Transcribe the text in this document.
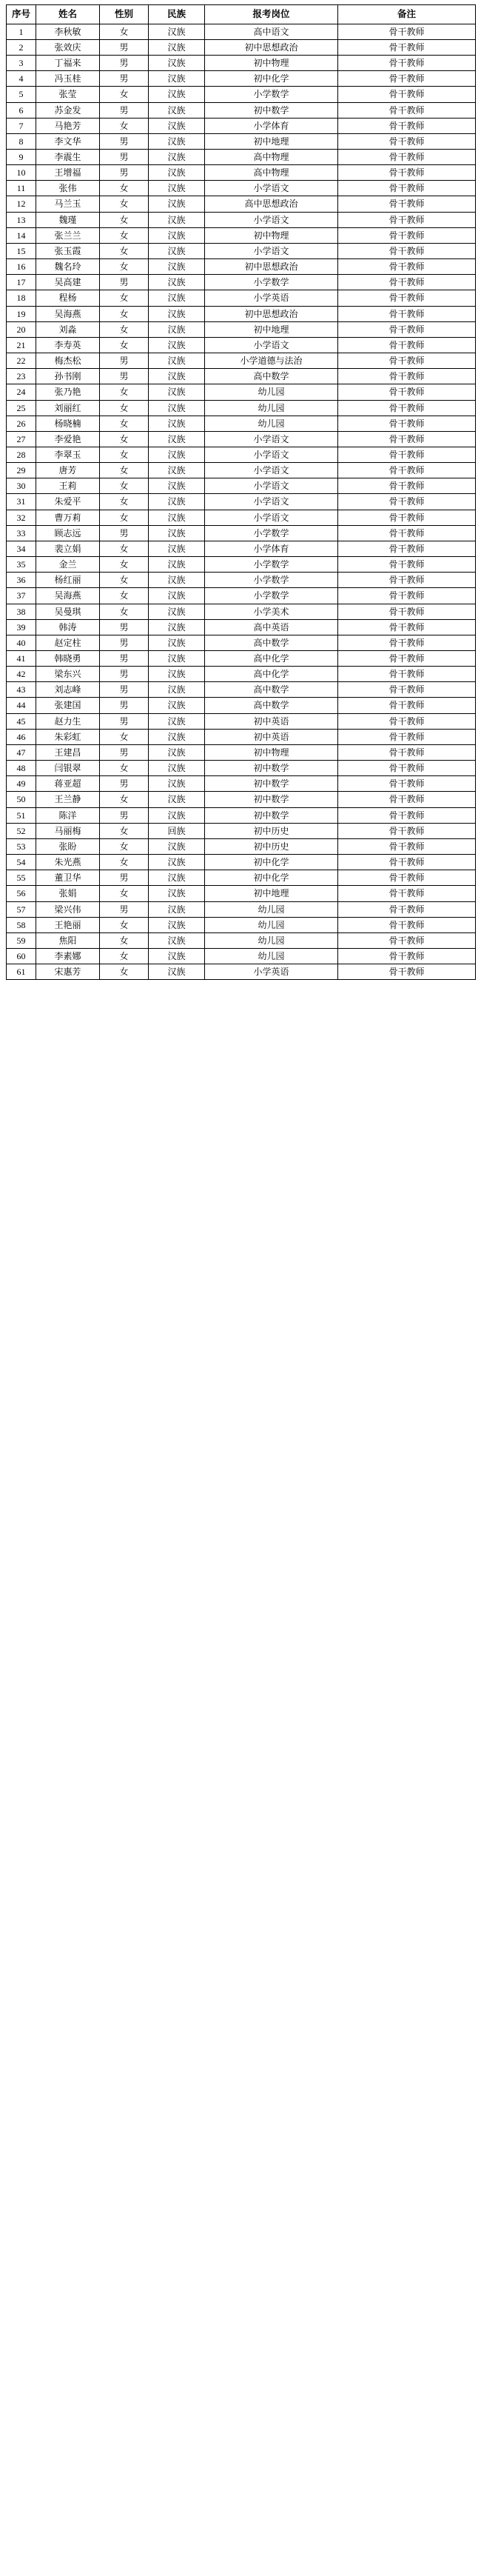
序号	姓名	性别	民族	报考岗位	备注
1	李秋敏	女	汉族	高中语文	骨干教师
2	张效庆	男	汉族	初中思想政治	骨干教师
3	丁福来	男	汉族	初中物理	骨干教师
4	冯玉桂	男	汉族	初中化学	骨干教师
5	张莹	女	汉族	小学数学	骨干教师
6	苏金发	男	汉族	初中数学	骨干教师
7	马艳芳	女	汉族	小学体育	骨干教师
8	李文华	男	汉族	初中地理	骨干教师
9	李震生	男	汉族	高中物理	骨干教师
10	王增福	男	汉族	高中物理	骨干教师
11	张伟	女	汉族	小学语文	骨干教师
12	马兰玉	女	汉族	高中思想政治	骨干教师
13	魏瑾	女	汉族	小学语文	骨干教师
14	张兰兰	女	汉族	初中物理	骨干教师
15	张玉霞	女	汉族	小学语文	骨干教师
16	魏名玲	女	汉族	初中思想政治	骨干教师
17	吴高建	男	汉族	小学数学	骨干教师
18	程杨	女	汉族	小学英语	骨干教师
19	吴海燕	女	汉族	初中思想政治	骨干教师
20	刘淼	女	汉族	初中地理	骨干教师
21	李寿英	女	汉族	小学语文	骨干教师
22	梅杰松	男	汉族	小学道德与法治	骨干教师
23	孙书刚	男	汉族	高中数学	骨干教师
24	张乃艳	女	汉族	幼儿园	骨干教师
25	刘丽红	女	汉族	幼儿园	骨干教师
26	杨晓楠	女	汉族	幼儿园	骨干教师
27	李爱艳	女	汉族	小学语文	骨干教师
28	李翠玉	女	汉族	小学语文	骨干教师
29	唐芳	女	汉族	小学语文	骨干教师
30	王莉	女	汉族	小学语文	骨干教师
31	朱爱平	女	汉族	小学语文	骨干教师
32	曹万莉	女	汉族	小学语文	骨干教师
33	顾志远	男	汉族	小学数学	骨干教师
34	裴立娟	女	汉族	小学体育	骨干教师
35	金兰	女	汉族	小学数学	骨干教师
36	杨红丽	女	汉族	小学数学	骨干教师
37	吴海燕	女	汉族	小学数学	骨干教师
38	吴曼琪	女	汉族	小学美术	骨干教师
39	韩涛	男	汉族	高中英语	骨干教师
40	赵定柱	男	汉族	高中数学	骨干教师
41	韩晓勇	男	汉族	高中化学	骨干教师
42	梁东兴	男	汉族	高中化学	骨干教师
43	刘志峰	男	汉族	高中数学	骨干教师
44	张建国	男	汉族	高中数学	骨干教师
45	赵力生	男	汉族	初中英语	骨干教师
46	朱彩虹	女	汉族	初中英语	骨干教师
47	王建昌	男	汉族	初中物理	骨干教师
48	闫银翠	女	汉族	初中数学	骨干教师
49	蒋亚超	男	汉族	初中数学	骨干教师
50	王兰静	女	汉族	初中数学	骨干教师
51	陈洋	男	汉族	初中数学	骨干教师
52	马丽梅	女	回族	初中历史	骨干教师
53	张盼	女	汉族	初中历史	骨干教师
54	朱光燕	女	汉族	初中化学	骨干教师
55	董卫华	男	汉族	初中化学	骨干教师
56	张娟	女	汉族	初中地理	骨干教师
57	梁兴伟	男	汉族	幼儿园	骨干教师
58	王艳丽	女	汉族	幼儿园	骨干教师
59	焦阳	女	汉族	幼儿园	骨干教师
60	李素娜	女	汉族	幼儿园	骨干教师
61	宋惠芳	女	汉族	小学英语	骨干教师
